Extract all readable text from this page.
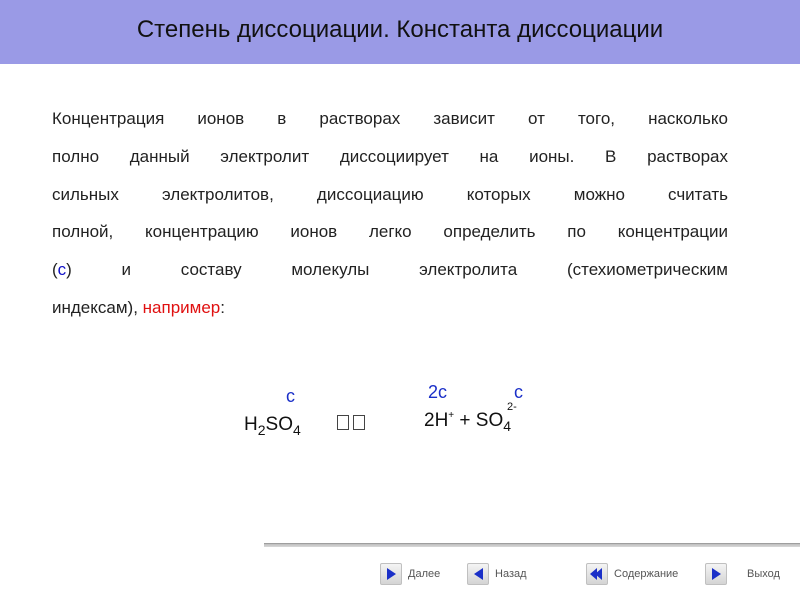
Степень диссоциации. Константа диссоциации
Концентрация ионов в растворах зависит от того, насколько
полно данный электролит диссоциирует на ионы. В растворах
сильных электролитов, диссоциацию которых можно считать
полной, концентрацию ионов легко определить по концентрации
(с) и составу молекулы электролита (стехиометрическим
индексам), например:
с
$H_2SO_4$
2с	с
$2H^+ + SO_4^{2-}$
Далее	Назад	Содержание	Выход
